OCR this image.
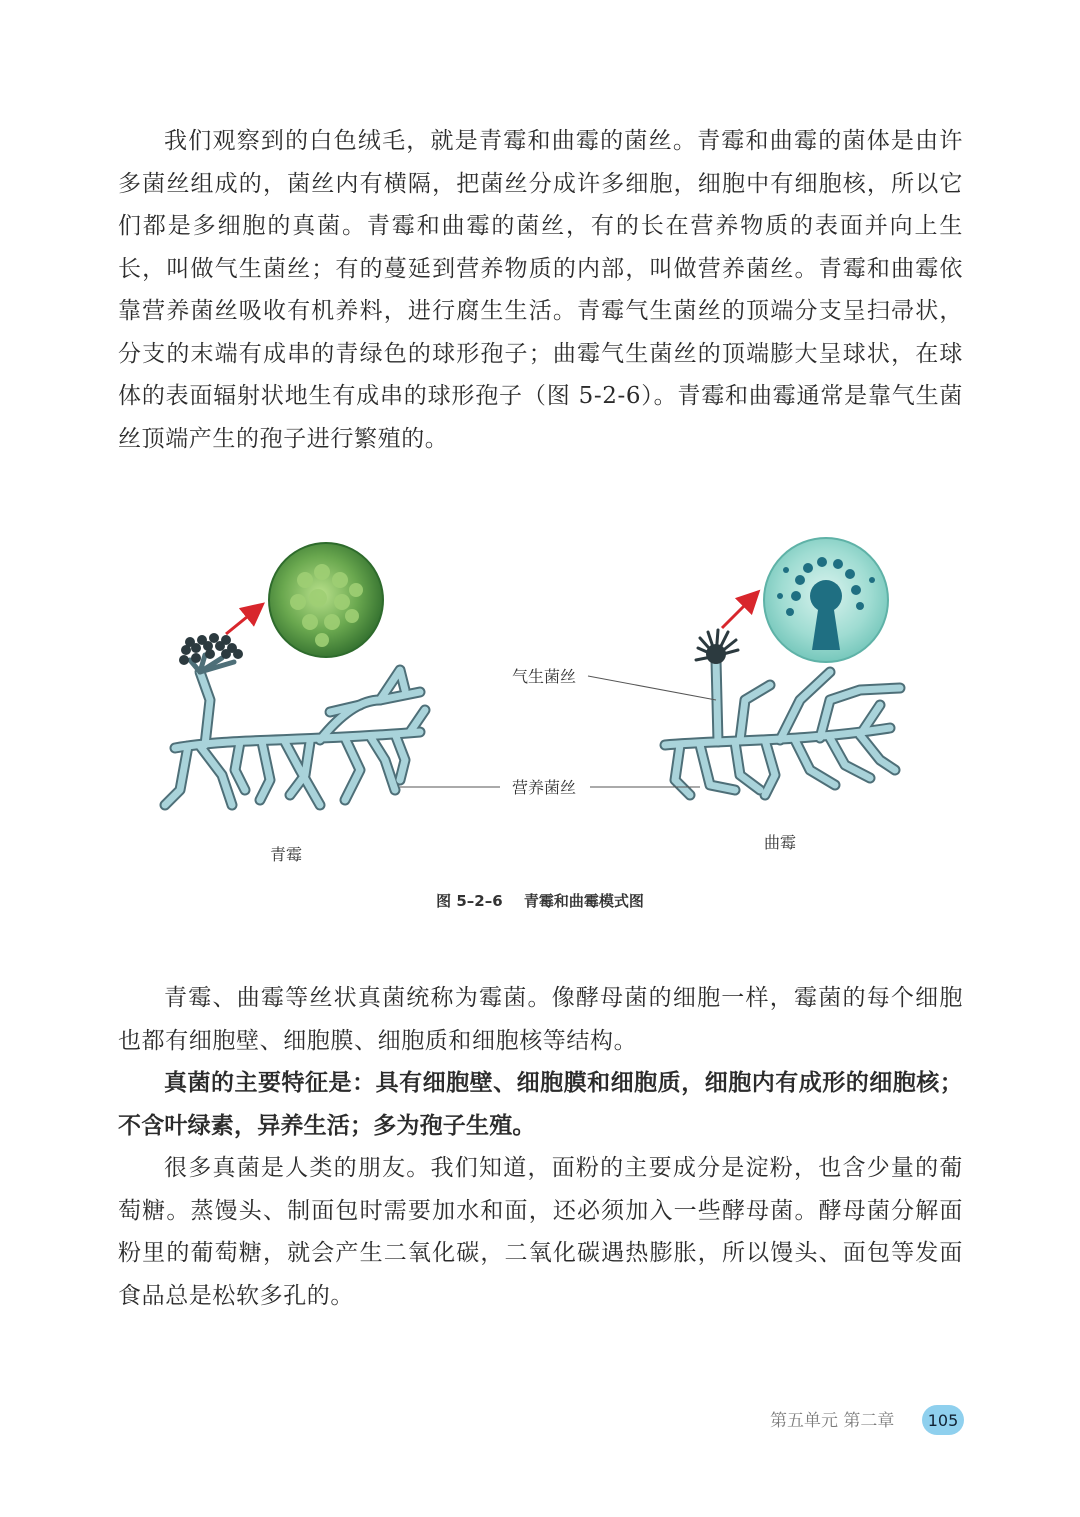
我们观察到的白色绒毛，就是青霉和曲霉的菌丝。青霉和曲霉的菌体是由许多菌丝组成的，菌丝内有横隔，把菌丝分成许多细胞，细胞中有细胞核，所以它们都是多细胞的真菌。青霉和曲霉的菌丝，有的长在营养物质的表面并向上生长，叫做气生菌丝；有的蔓延到营养物质的内部，叫做营养菌丝。青霉和曲霉依靠营养菌丝吸收有机养料，进行腐生生活。青霉气生菌丝的顶端分支呈扫帚状，分支的末端有成串的青绿色的球形孢子；曲霉气生菌丝的顶端膨大呈球状，在球体的表面辐射状地生有成串的球形孢子（图 5-2-6）。青霉和曲霉通常是靠气生菌丝顶端产生的孢子进行繁殖的。

气生菌丝
营养菌丝
青霉
曲霉
图 5–2–6 青霉和曲霉模式图

青霉、曲霉等丝状真菌统称为霉菌。像酵母菌的细胞一样，霉菌的每个细胞也都有细胞壁、细胞膜、细胞质和细胞核等结构。

真菌的主要特征是：具有细胞壁、细胞膜和细胞质，细胞内有成形的细胞核；不含叶绿素，异养生活；多为孢子生殖。

很多真菌是人类的朋友。我们知道，面粉的主要成分是淀粉，也含少量的葡萄糖。蒸馒头、制面包时需要加水和面，还必须加入一些酵母菌。酵母菌分解面粉里的葡萄糖，就会产生二氧化碳，二氧化碳遇热膨胀，所以馒头、面包等发面食品总是松软多孔的。

第五单元 第二章	105
